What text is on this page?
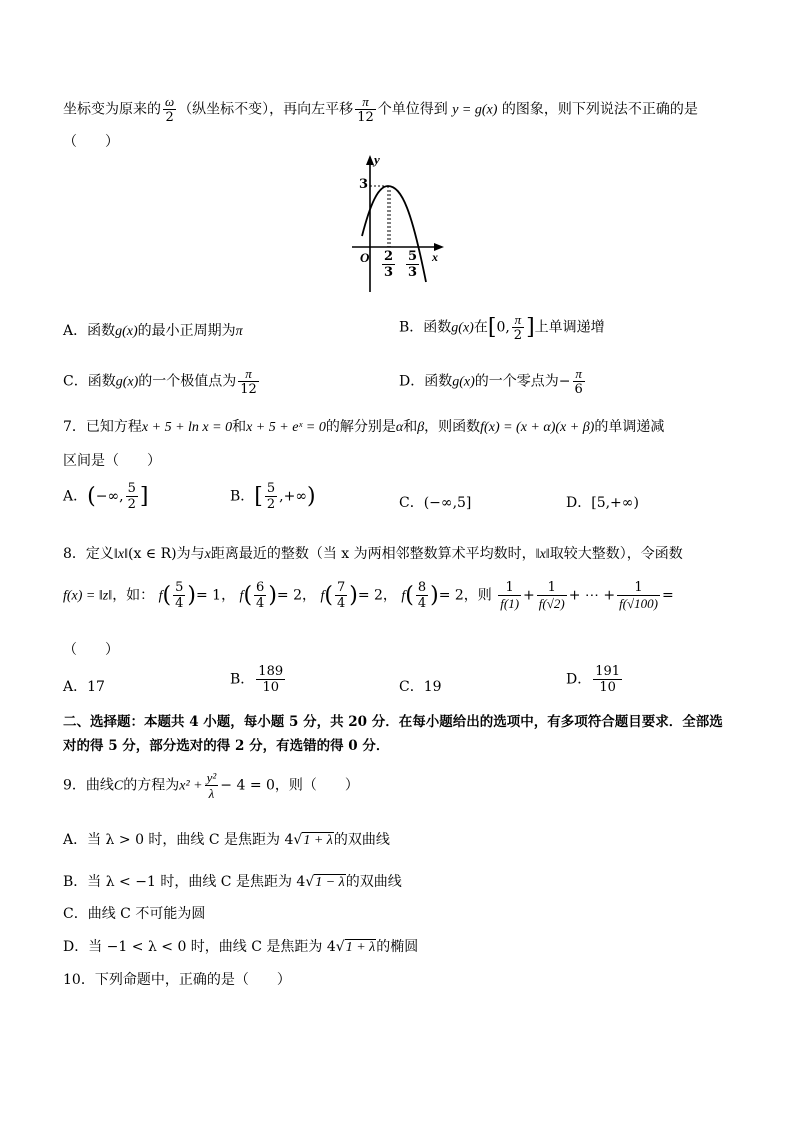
坐标变为原来的 $\frac{\omega}{2}$ （纵坐标不变），再向左平移 $\frac{\pi}{12}$ 个单位得到 y = g(x) 的图象，则下列说法不正确的是
（　　）
y
3
O	x
$\frac{2}{3} \frac{5}{3}$
A．函数g(x)的最小正周期为π	B．函数g(x)在[0, $\frac{\pi}{2}$ ]上单调递增
C．函数g(x)的一个极值点为 $\frac{\pi}{12}$	D．函数g(x)的一个零点为− $\frac{\pi}{6}$
7．已知方程x + 5 + ln x = 0和x + 5 + eˣ = 0的解分别是α和β，则函数f(x) = (x + α)(x + β)的单调递减
区间是（　　）
A．(−∞, $\frac{5}{2}$ ]	B．[ $\frac{5}{2}$ ,+∞)	C．(−∞,5]	D．[5,+∞)
8．定义‖x‖(x ∈ R)为与x距离最近的整数（当 x 为两相邻整数算术平均数时，‖x‖取较大整数），令函数
f(x) = ‖z‖，如： $f( \frac{5}{4}$ )= 1， $f( \frac{6}{4}$ )= 2， $f( \frac{7}{4}$ )= 2， $f( \frac{8}{4}$ )= 2，则 $\frac{1}{f(1)} + \frac{1}{f(√2)}$ + ⋯ + $\frac{1}{f(√100)}$ =
（　　）
A．17	B． $\frac{189}{10}$	C．19	D． $\frac{191}{10}$
二、选择题：本题共 4 小题，每小题 5 分，共 20 分．在每小题给出的选项中，有多项符合题目要求．全部选
对的得 5 分，部分选对的得 2 分，有选错的得 0 分．
9．曲线C的方程为$x^2 + \frac{\text{y²}}{\lambda} - 4 = 0$，则（　　）
A．当 λ > 0 时，曲线 C 是焦距为 4√1 + λ的双曲线
B．当 λ < −1 时，曲线 C 是焦距为 4√1 − λ的双曲线
C．曲线 C 不可能为圆
D．当 −1 < λ < 0 时，曲线 C 是焦距为 4√1 + λ的椭圆
10．下列命题中，正确的是（　　）
